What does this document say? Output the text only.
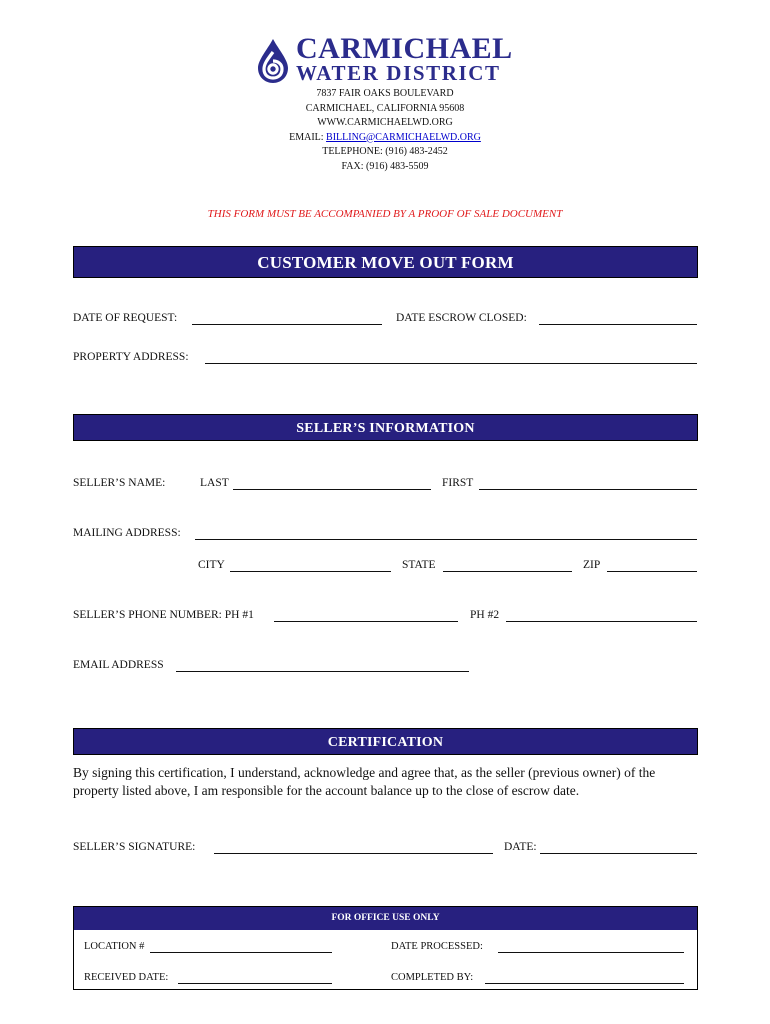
CARMICHAEL
WATER DISTRICT
7837 FAIR OAKS BOULEVARD
CARMICHAEL, CALIFORNIA 95608
WWW.CARMICHAELWD.ORG
EMAIL: BILLING@CARMICHAELWD.ORG
TELEPHONE: (916) 483-2452
FAX: (916) 483-5509
THIS FORM MUST BE ACCOMPANIED BY A PROOF OF SALE DOCUMENT
CUSTOMER MOVE OUT FORM
DATE OF REQUEST:	DATE ESCROW CLOSED:
PROPERTY ADDRESS:
SELLER’S INFORMATION
SELLER’S NAME:	LAST	FIRST
MAILING ADDRESS:
CITY	STATE	ZIP
SELLER’S PHONE NUMBER: PH #1	PH #2
EMAIL ADDRESS
CERTIFICATION
By signing this certification, I understand, acknowledge and agree that, as the seller (previous owner) of the property listed above, I am responsible for the account balance up to the close of escrow date.
SELLER’S SIGNATURE:	DATE:
FOR OFFICE USE ONLY
LOCATION #	DATE PROCESSED:
RECEIVED DATE:	COMPLETED BY:
